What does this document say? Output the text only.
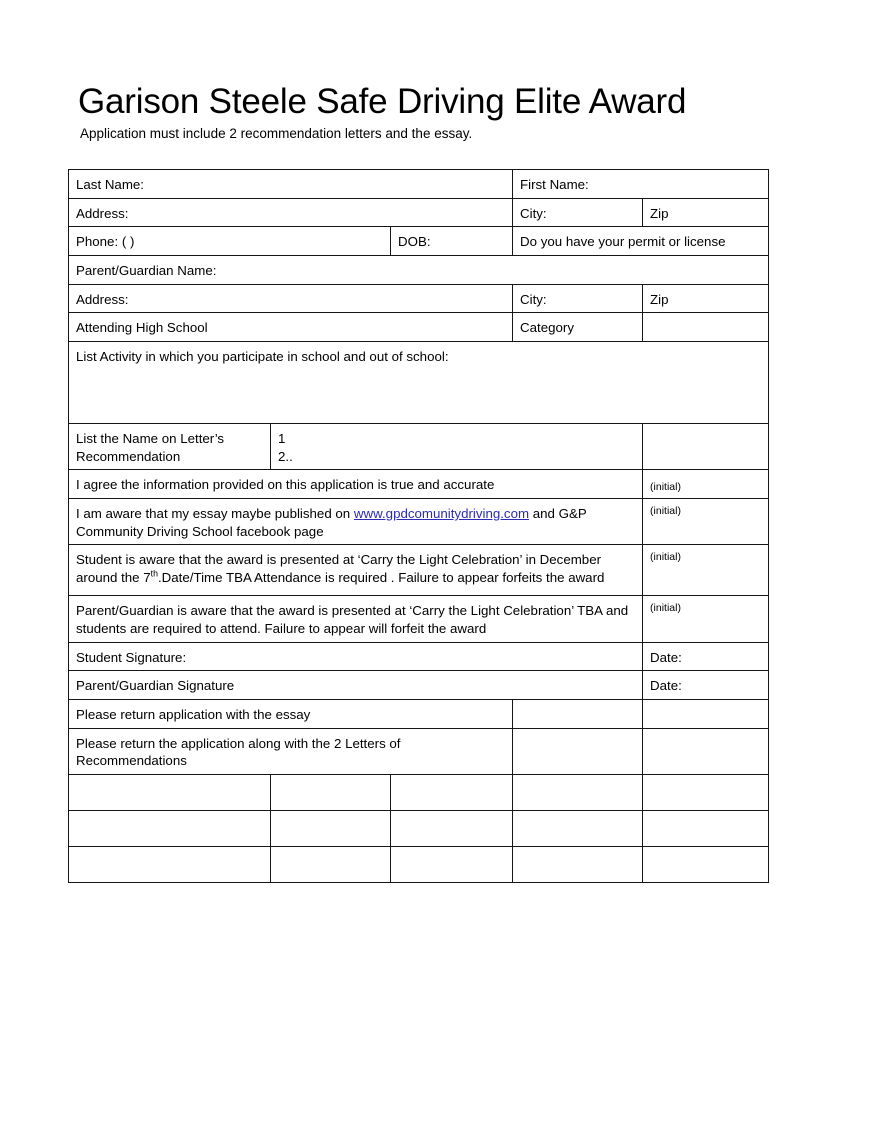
Garison Steele Safe Driving Elite Award
Application must include 2 recommendation letters and the essay.
Last Name:			First Name:	

Address:			City:	Zip

Phone: ( )		DOB:	Do you have your permit or license	

Parent/Guardian Name:				

Address:			City:	Zip

Attending High School			Category	

List Activity in which you participate in school and out of school:				

List the Name on Letter’s
Recommendation	1
2..			

I agree the information provided on this application is true and accurate				(initial)

I am aware that my essay maybe published on www.gpdcomunitydriving.com and G&P Community Driving School facebook page				(initial)

Student is aware that the award is presented at ‘Carry the Light Celebration’ in December around the 7th.Date/Time TBA Attendance is required . Failure to appear forfeits the award				(initial)

Parent/Guardian is aware that the award is presented at ‘Carry the Light Celebration’ TBA and students are required to attend. Failure to appear will forfeit the award				(initial)

Student Signature:				Date:

Parent/Guardian Signature				Date:

Please return application with the essay				

Please return the application along with the 2 Letters of Recommendations				
